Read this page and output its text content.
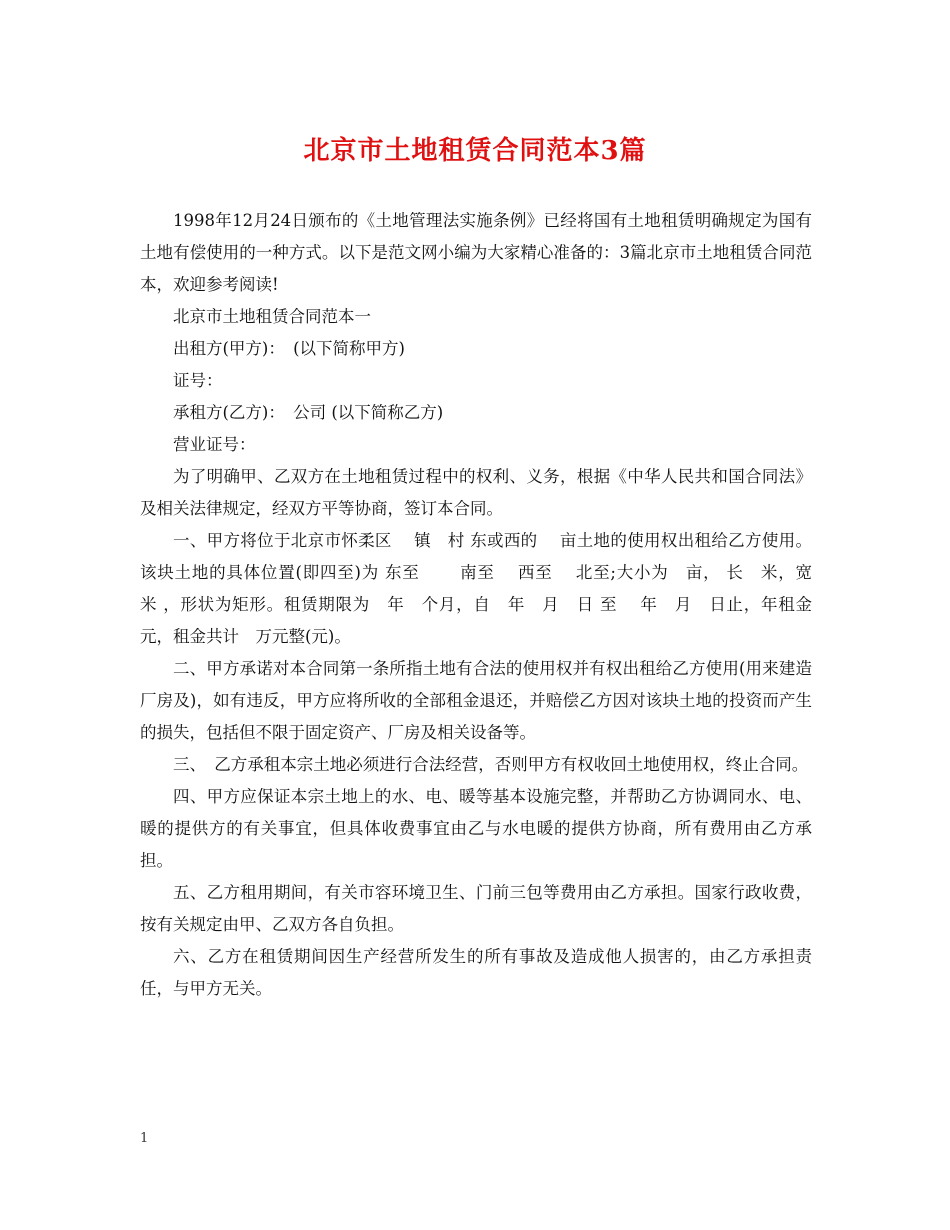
北京市土地租赁合同范本3篇

1998年12月24日颁布的《土地管理法实施条例》已经将国有土地租赁明确规定为国有土地有偿使用的一种方式。以下是范文网小编为大家精心准备的：3篇北京市土地租赁合同范本，欢迎参考阅读!

北京市土地租赁合同范本一

出租方(甲方)：　(以下简称甲方)

证号：

承租方(乙方)：　公司 (以下简称乙方)

营业证号：

为了明确甲、乙双方在土地租赁过程中的权利、义务，根据《中华人民共和国合同法》及相关法律规定，经双方平等协商，签订本合同。

一、甲方将位于北京市怀柔区　 镇　村 东或西的　 亩土地的使用权出租给乙方使用。该块土地的具体位置(即四至)为 东至　　 南至　 西至　 北至;大小为　亩， 长　米，宽　 米 ，形状为矩形。租赁期限为　年　个月，自　年　月　日 至　 年　月　日止，年租金元，租金共计　万元整(元)。

二、甲方承诺对本合同第一条所指土地有合法的使用权并有权出租给乙方使用(用来建造厂房及)，如有违反，甲方应将所收的全部租金退还，并赔偿乙方因对该块土地的投资而产生的损失，包括但不限于固定资产、厂房及相关设备等。

三、　乙方承租本宗土地必须进行合法经营，否则甲方有权收回土地使用权，终止合同。

四、甲方应保证本宗土地上的水、电、暖等基本设施完整，并帮助乙方协调同水、电、暖的提供方的有关事宜，但具体收费事宜由乙与水电暖的提供方协商，所有费用由乙方承担。

五、乙方租用期间，有关市容环境卫生、门前三包等费用由乙方承担。国家行政收费，按有关规定由甲、乙双方各自负担。

六、乙方在租赁期间因生产经营所发生的所有事故及造成他人损害的，由乙方承担责任，与甲方无关。

1
